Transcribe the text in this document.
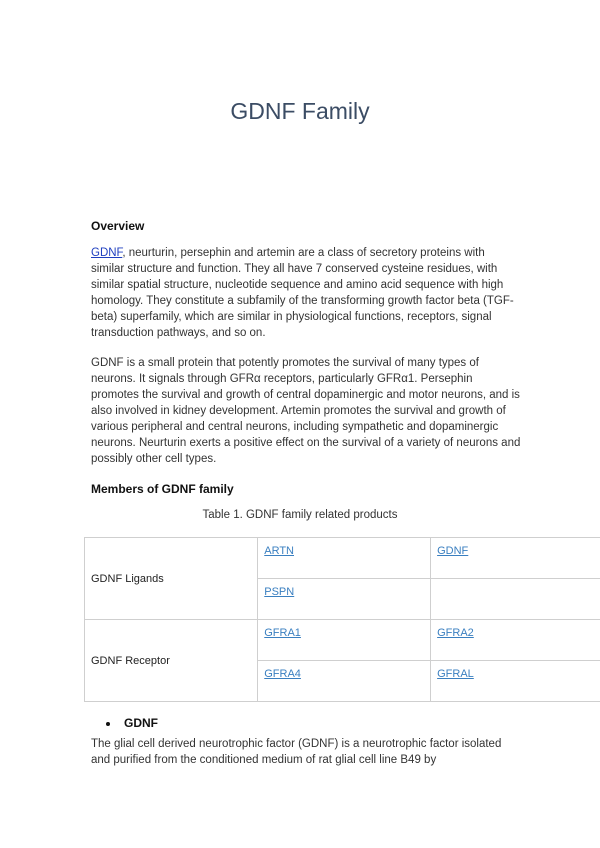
GDNF Family
Overview

GDNF, neurturin, persephin and artemin are a class of secretory proteins with similar structure and function. They all have 7 conserved cysteine residues, with similar spatial structure, nucleotide sequence and amino acid sequence with high homology. They constitute a subfamily of the transforming growth factor beta (TGF-beta) superfamily, which are similar in physiological functions, receptors, signal transduction pathways, and so on.

GDNF is a small protein that potently promotes the survival of many types of neurons. It signals through GFRα receptors, particularly GFRα1. Persephin promotes the survival and growth of central dopaminergic and motor neurons, and is also involved in kidney development. Artemin promotes the survival and growth of various peripheral and central neurons, including sympathetic and dopaminergic neurons. Neurturin exerts a positive effect on the survival of a variety of neurons and possibly other cell types.

Members of GDNF family

Table 1. GDNF family related products

GDNF Ligands	ARTN	GDNF
	PSPN	
GDNF Receptor	GFRA1	GFRA2
	GFRA4	GFRAL

GDNF

The glial cell derived neurotrophic factor (GDNF) is a neurotrophic factor isolated and purified from the conditioned medium of rat glial cell line B49 by
